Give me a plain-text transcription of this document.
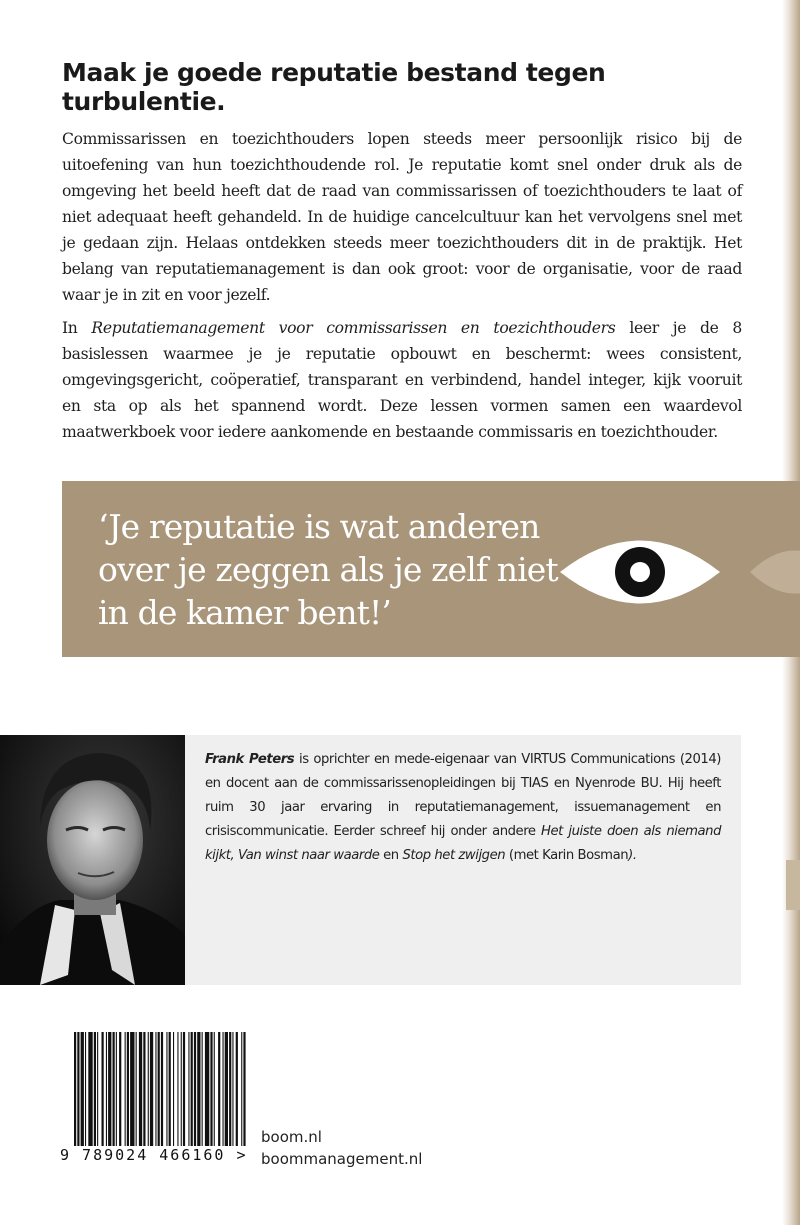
Maak je goede reputatie bestand tegen turbulentie.

Commissarissen en toezichthouders lopen steeds meer persoonlijk risico bij de uitoefening van hun toezichthoudende rol. Je reputatie komt snel onder druk als de omgeving het beeld heeft dat de raad van commissarissen of toezichthouders te laat of niet adequaat heeft gehandeld. In de huidige cancelcultuur kan het vervolgens snel met je gedaan zijn. Helaas ontdekken steeds meer toezichthouders dit in de praktijk. Het belang van reputatiemanagement is dan ook groot: voor de organisatie, voor de raad waar je in zit en voor jezelf.

In Reputatiemanagement voor commissarissen en toezichthouders leer je de 8 basislessen waarmee je je reputatie opbouwt en beschermt: wees consistent, omgevingsgericht, coöperatief, transparant en verbindend, handel integer, kijk vooruit en sta op als het spannend wordt. Deze lessen vormen samen een waardevol maatwerkboek voor iedere aankomende en bestaande commissaris en toezichthouder.

‘Je reputatie is wat anderen over je zeggen als je zelf niet in de kamer bent!’

Frank Peters is oprichter en mede-eigenaar van VIRTUS Communications (2014) en docent aan de commissarissenopleidingen bij TIAS en Nyenrode BU. Hij heeft ruim 30 jaar ervaring in reputatiemanagement, issuemanagement en crisiscommunicatie. Eerder schreef hij onder andere Het juiste doen als niemand kijkt, Van winst naar waarde en Stop het zwijgen (met Karin Bosman).

9 789024 466160 >
boom.nl
boommanagement.nl
